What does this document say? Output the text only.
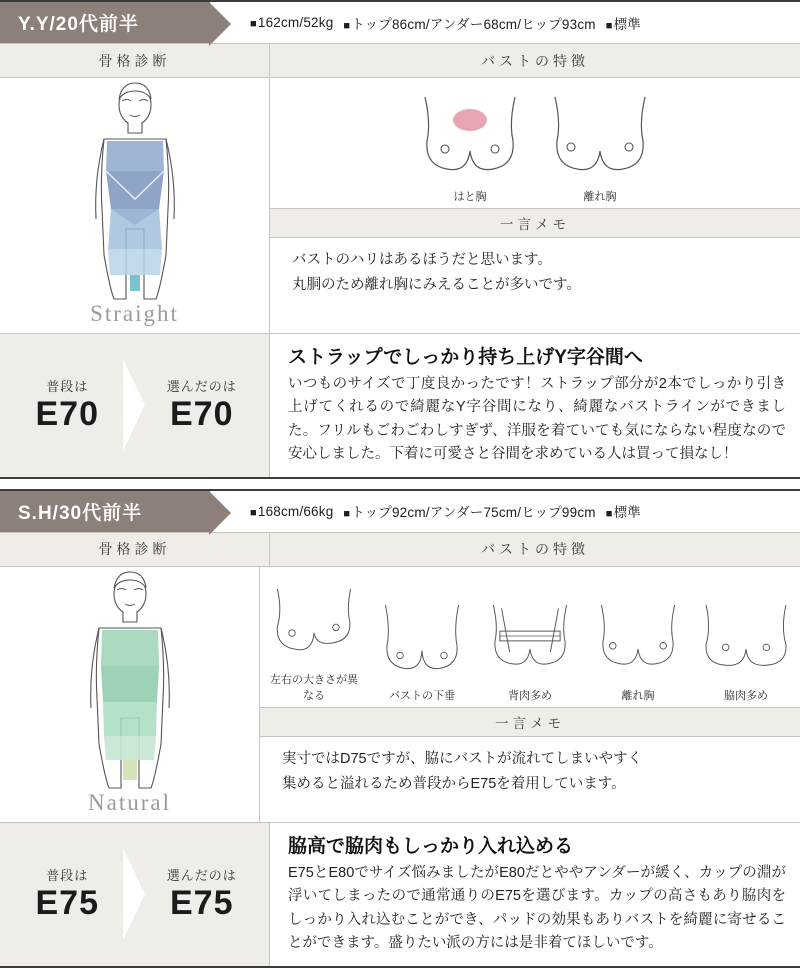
Y.Y/20代前半	■162cm/52kg ■トップ86cm/アンダー68cm/ヒップ93cm ■標準
骨格診断	バストの特徴
Straight
はと胸	離れ胸
一言メモ
バストのハリはあるほうだと思います。
丸胴のため離れ胸にみえることが多いです。
普段は
E70
選んだのは
E70
ストラップでしっかり持ち上げY字谷間へ
いつものサイズで丁度良かったです！ストラップ部分が2本でしっかり引き上げてくれるので綺麗なY字谷間になり、綺麗なバストラインができました。フリルもごわごわしすぎず、洋服を着ていても気にならない程度なので安心しました。下着に可愛さと谷間を求めている人は買って損なし！
S.H/30代前半	■168cm/66kg ■トップ92cm/アンダー75cm/ヒップ99cm ■標準
骨格診断	バストの特徴
Natural
左右の大きさが異なる	バストの下垂	背肉多め	離れ胸	脇肉多め
一言メモ
実寸ではD75ですが、脇にバストが流れてしまいやすく
集めると溢れるため普段からE75を着用しています。
普段は
E75
選んだのは
E75
脇高で脇肉もしっかり入れ込める
E75とE80でサイズ悩みましたがE80だとややアンダーが緩く、カップの淵が浮いてしまったので通常通りのE75を選びます。カップの高さもあり脇肉をしっかり入れ込むことができ、パッドの効果もありバストを綺麗に寄せることができます。盛りたい派の方には是非着てほしいです。
